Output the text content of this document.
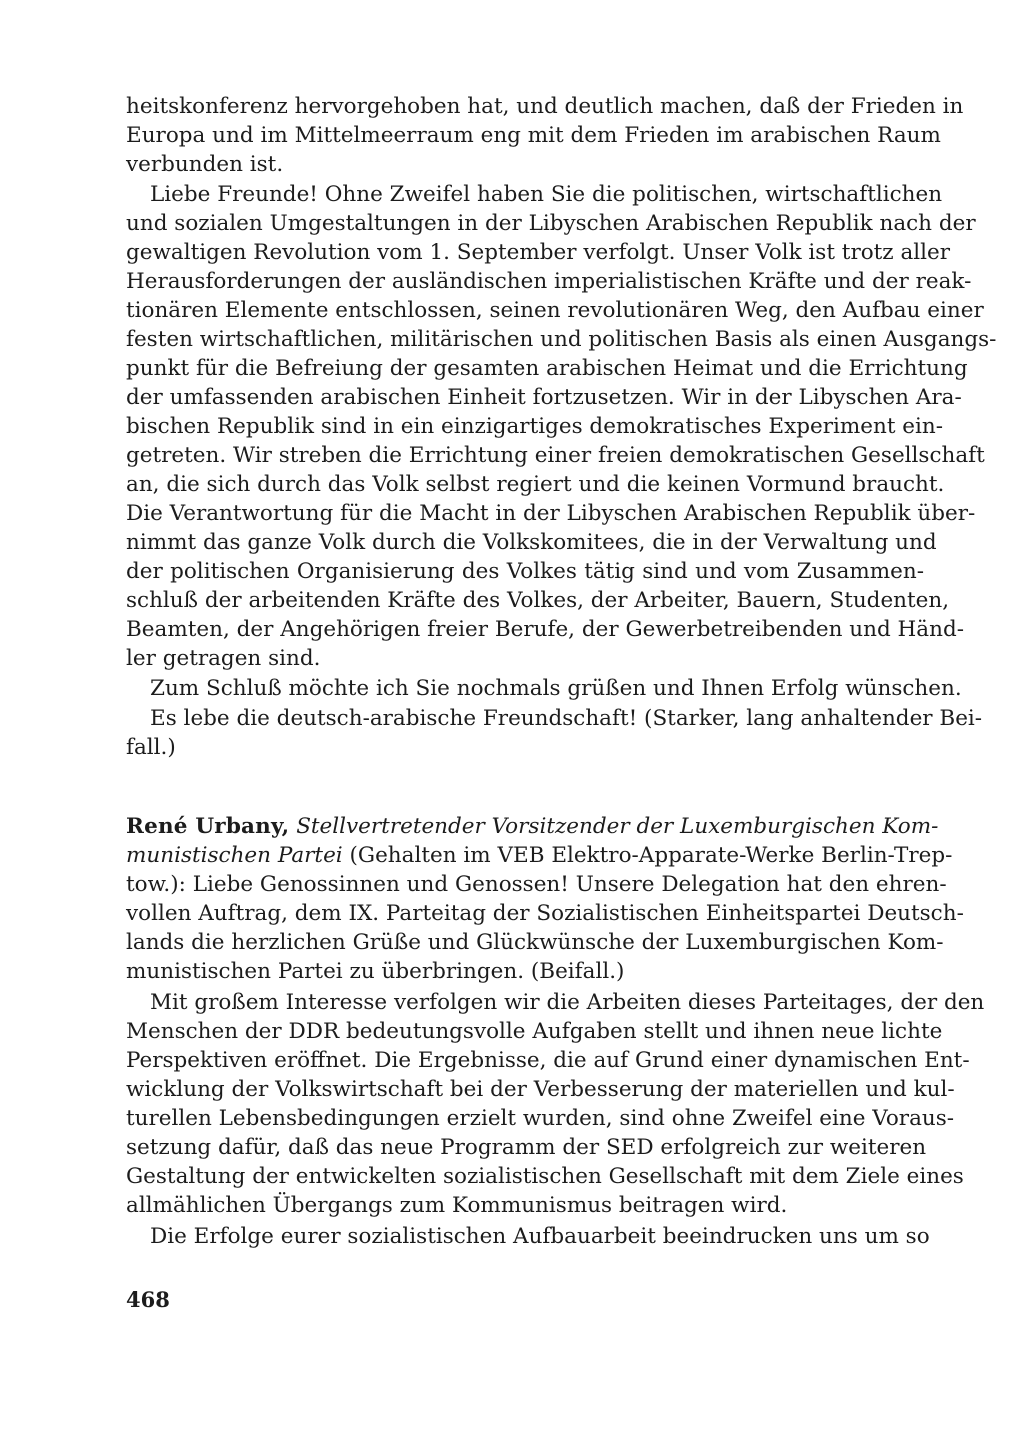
heitskonferenz hervorgehoben hat, und deutlich machen, daß der Frieden in
Europa und im Mittelmeerraum eng mit dem Frieden im arabischen Raum
verbunden ist.
Liebe Freunde! Ohne Zweifel haben Sie die politischen, wirtschaftlichen
und sozialen Umgestaltungen in der Libyschen Arabischen Republik nach der
gewaltigen Revolution vom 1. September verfolgt. Unser Volk ist trotz aller
Herausforderungen der ausländischen imperialistischen Kräfte und der reak-
tionären Elemente entschlossen, seinen revolutionären Weg, den Aufbau einer
festen wirtschaftlichen, militärischen und politischen Basis als einen Ausgangs-
punkt für die Befreiung der gesamten arabischen Heimat und die Errichtung
der umfassenden arabischen Einheit fortzusetzen. Wir in der Libyschen Ara-
bischen Republik sind in ein einzigartiges demokratisches Experiment ein-
getreten. Wir streben die Errichtung einer freien demokratischen Gesellschaft
an, die sich durch das Volk selbst regiert und die keinen Vormund braucht.
Die Verantwortung für die Macht in der Libyschen Arabischen Republik über-
nimmt das ganze Volk durch die Volkskomitees, die in der Verwaltung und
der politischen Organisierung des Volkes tätig sind und vom Zusammen-
schluß der arbeitenden Kräfte des Volkes, der Arbeiter, Bauern, Studenten,
Beamten, der Angehörigen freier Berufe, der Gewerbetreibenden und Händ-
ler getragen sind.
Zum Schluß möchte ich Sie nochmals grüßen und Ihnen Erfolg wünschen.
Es lebe die deutsch-arabische Freundschaft! (Starker, lang anhaltender Bei-
fall.)
René Urbany, Stellvertretender Vorsitzender der Luxemburgischen Kom-
munistischen Partei (Gehalten im VEB Elektro-Apparate-Werke Berlin-Trep-
tow.): Liebe Genossinnen und Genossen! Unsere Delegation hat den ehren-
vollen Auftrag, dem IX. Parteitag der Sozialistischen Einheitspartei Deutsch-
lands die herzlichen Grüße und Glückwünsche der Luxemburgischen Kom-
munistischen Partei zu überbringen. (Beifall.)
Mit großem Interesse verfolgen wir die Arbeiten dieses Parteitages, der den
Menschen der DDR bedeutungsvolle Aufgaben stellt und ihnen neue lichte
Perspektiven eröffnet. Die Ergebnisse, die auf Grund einer dynamischen Ent-
wicklung der Volkswirtschaft bei der Verbesserung der materiellen und kul-
turellen Lebensbedingungen erzielt wurden, sind ohne Zweifel eine Voraus-
setzung dafür, daß das neue Programm der SED erfolgreich zur weiteren
Gestaltung der entwickelten sozialistischen Gesellschaft mit dem Ziele eines
allmählichen Übergangs zum Kommunismus beitragen wird.
Die Erfolge eurer sozialistischen Aufbauarbeit beeindrucken uns um so
468
